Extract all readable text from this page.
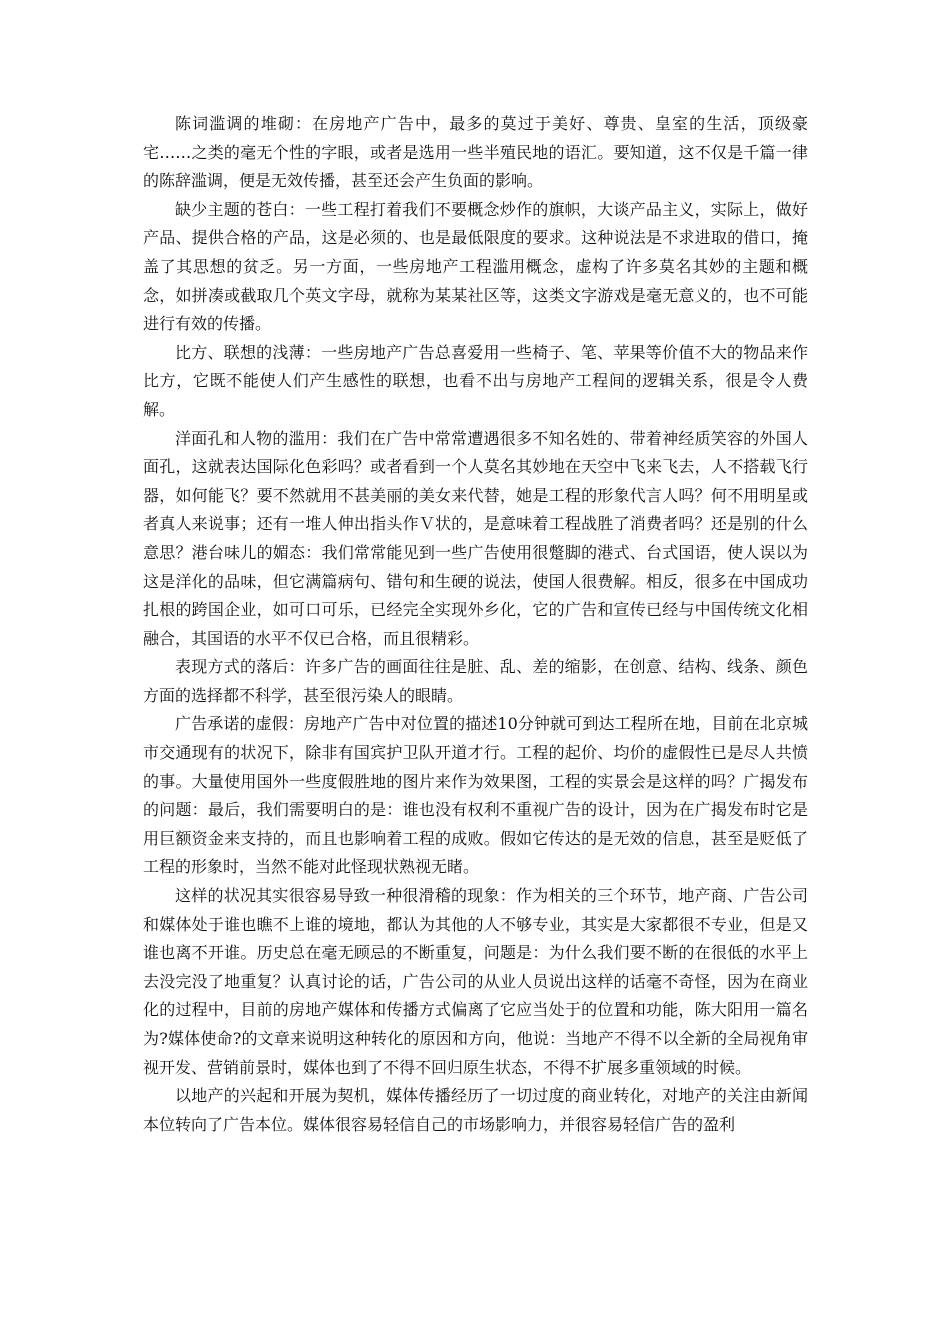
陈词滥调的堆砌：在房地产广告中，最多的莫过于美好、尊贵、皇室的生活，顶级豪宅……之类的毫无个性的字眼，或者是选用一些半殖民地的语汇。要知道，这不仅是千篇一律的陈辞滥调，便是无效传播，甚至还会产生负面的影响。

缺少主题的苍白：一些工程打着我们不要概念炒作的旗帜，大谈产品主义，实际上，做好产品、提供合格的产品，这是必须的、也是最低限度的要求。这种说法是不求进取的借口，掩盖了其思想的贫乏。另一方面，一些房地产工程滥用概念，虚构了许多莫名其妙的主题和概念，如拼凑或截取几个英文字母，就称为某某社区等，这类文字游戏是毫无意义的，也不可能进行有效的传播。

比方、联想的浅薄：一些房地产广告总喜爱用一些椅子、笔、苹果等价值不大的物品来作比方，它既不能使人们产生感性的联想，也看不出与房地产工程间的逻辑关系，很是令人费解。

洋面孔和人物的滥用：我们在广告中常常遭遇很多不知名姓的、带着神经质笑容的外国人面孔，这就表达国际化色彩吗？或者看到一个人莫名其妙地在天空中飞来飞去，人不搭载飞行器，如何能飞？要不然就用不甚美丽的美女来代替，她是工程的形象代言人吗？何不用明星或者真人来说事；还有一堆人伸出指头作Ｖ状的，是意味着工程战胜了消费者吗？还是别的什么意思？港台味儿的媚态：我们常常能见到一些广告使用很蹩脚的港式、台式国语，使人误以为这是洋化的品味，但它满篇病句、错句和生硬的说法，使国人很费解。相反，很多在中国成功扎根的跨国企业，如可口可乐，已经完全实现外乡化，它的广告和宣传已经与中国传统文化相融合，其国语的水平不仅已合格，而且很精彩。

表现方式的落后：许多广告的画面往往是脏、乱、差的缩影，在创意、结构、线条、颜色方面的选择都不科学，甚至很污染人的眼睛。

广告承诺的虚假：房地产广告中对位置的描述10分钟就可到达工程所在地，目前在北京城市交通现有的状况下，除非有国宾护卫队开道才行。工程的起价、均价的虚假性已是尽人共愤的事。大量使用国外一些度假胜地的图片来作为效果图，工程的实景会是这样的吗？广揭发布的问题：最后，我们需要明白的是：谁也没有权利不重视广告的设计，因为在广揭发布时它是用巨额资金来支持的，而且也影响着工程的成败。假如它传达的是无效的信息，甚至是贬低了工程的形象时，当然不能对此怪现状熟视无睹。

这样的状况其实很容易导致一种很滑稽的现象：作为相关的三个环节，地产商、广告公司和媒体处于谁也瞧不上谁的境地，都认为其他的人不够专业，其实是大家都很不专业，但是又谁也离不开谁。历史总在毫无顾忌的不断重复，问题是：为什么我们要不断的在很低的水平上去没完没了地重复？认真讨论的话，广告公司的从业人员说出这样的话毫不奇怪，因为在商业化的过程中，目前的房地产媒体和传播方式偏离了它应当处于的位置和功能，陈大阳用一篇名为?媒体使命?的文章来说明这种转化的原因和方向，他说：当地产不得不以全新的全局视角审视开发、营销前景时，媒体也到了不得不回归原生状态，不得不扩展多重领域的时候。

以地产的兴起和开展为契机，媒体传播经历了一切过度的商业转化，对地产的关注由新闻本位转向了广告本位。媒体很容易轻信自己的市场影响力，并很容易轻信广告的盈利
